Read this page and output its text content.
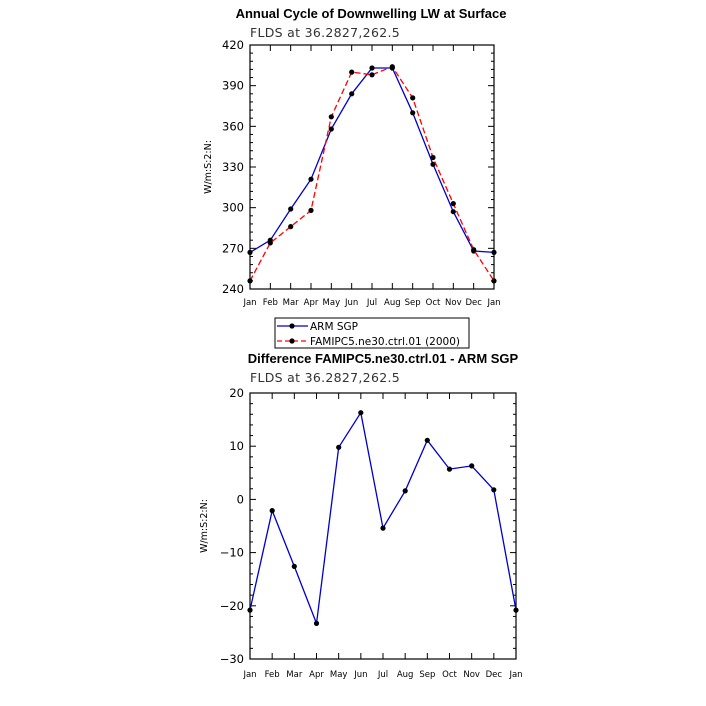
Annual Cycle of Downwelling LW at Surface
FLDS at 36.2827,262.5
W/m:S:2:N:
ARM SGP
FAMIPC5.ne30.ctrl.01 (2000)
240
270
300
330
360
390
420
Jan Feb Mar Apr May Jun Jul Aug Sep Oct Nov Dec Jan
Difference FAMIPC5.ne30.ctrl.01 - ARM SGP
FLDS at 36.2827,262.5
W/m:S:2:N:
−30
−20
−10
0
10
20
Jan Feb Mar Apr May Jun Jul Aug Sep Oct Nov Dec Jan
